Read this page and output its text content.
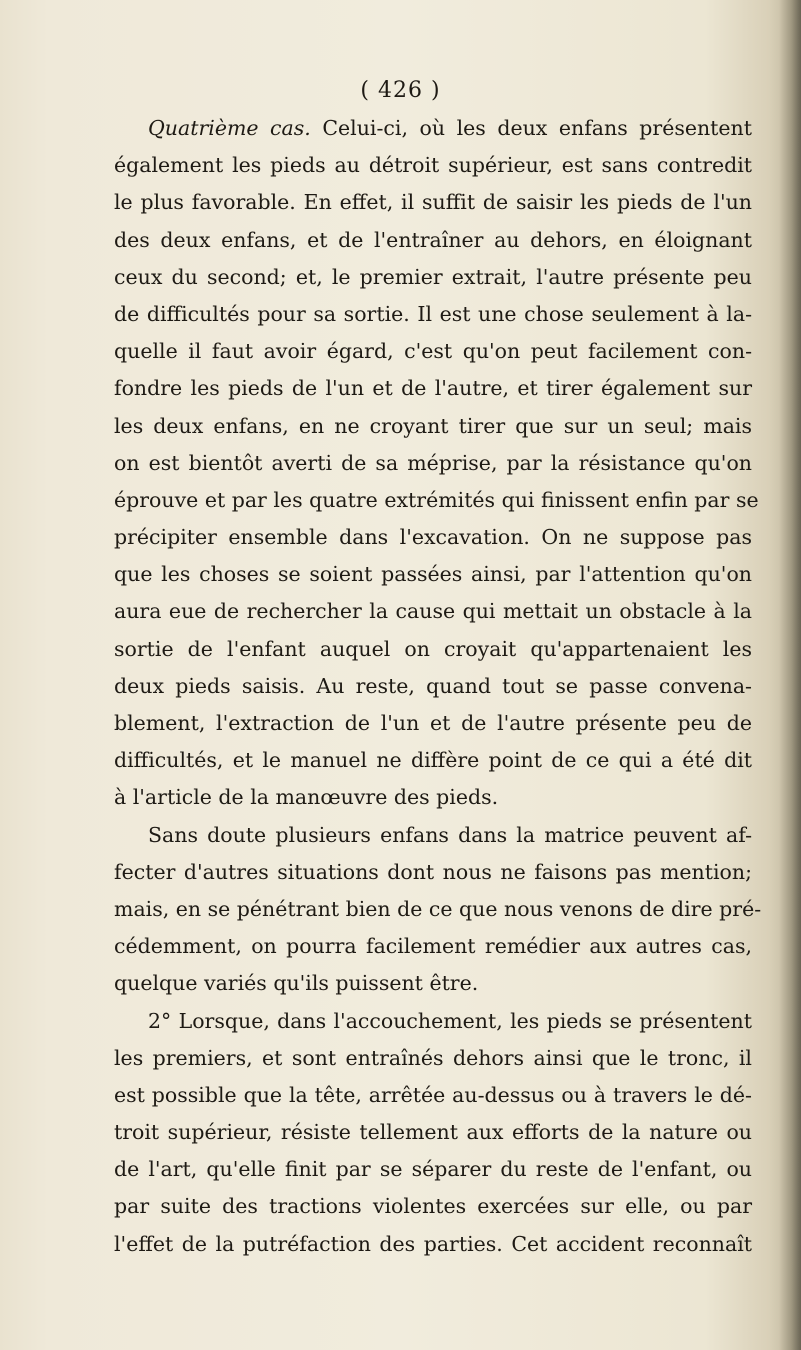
( 426 )
Quatrième cas. Celui-ci, où les deux enfans présentent
également les pieds au détroit supérieur, est sans contredit
le plus favorable. En effet, il suffit de saisir les pieds de l'un
des deux enfans, et de l'entraîner au dehors, en éloignant
ceux du second; et, le premier extrait, l'autre présente peu
de difficultés pour sa sortie. Il est une chose seulement à la-
quelle il faut avoir égard, c'est qu'on peut facilement con-
fondre les pieds de l'un et de l'autre, et tirer également sur
les deux enfans, en ne croyant tirer que sur un seul; mais
on est bientôt averti de sa méprise, par la résistance qu'on
éprouve et par les quatre extrémités qui finissent enfin par se
précipiter ensemble dans l'excavation. On ne suppose pas
que les choses se soient passées ainsi, par l'attention qu'on
aura eue de rechercher la cause qui mettait un obstacle à la
sortie de l'enfant auquel on croyait qu'appartenaient les
deux pieds saisis. Au reste, quand tout se passe convena-
blement, l'extraction de l'un et de l'autre présente peu de
difficultés, et le manuel ne diffère point de ce qui a été dit
à l'article de la manœuvre des pieds.
Sans doute plusieurs enfans dans la matrice peuvent af-
fecter d'autres situations dont nous ne faisons pas mention;
mais, en se pénétrant bien de ce que nous venons de dire pré-
cédemment, on pourra facilement remédier aux autres cas,
quelque variés qu'ils puissent être.
2° Lorsque, dans l'accouchement, les pieds se présentent
les premiers, et sont entraînés dehors ainsi que le tronc, il
est possible que la tête, arrêtée au-dessus ou à travers le dé-
troit supérieur, résiste tellement aux efforts de la nature ou
de l'art, qu'elle finit par se séparer du reste de l'enfant, ou
par suite des tractions violentes exercées sur elle, ou par
l'effet de la putréfaction des parties. Cet accident reconnaît
